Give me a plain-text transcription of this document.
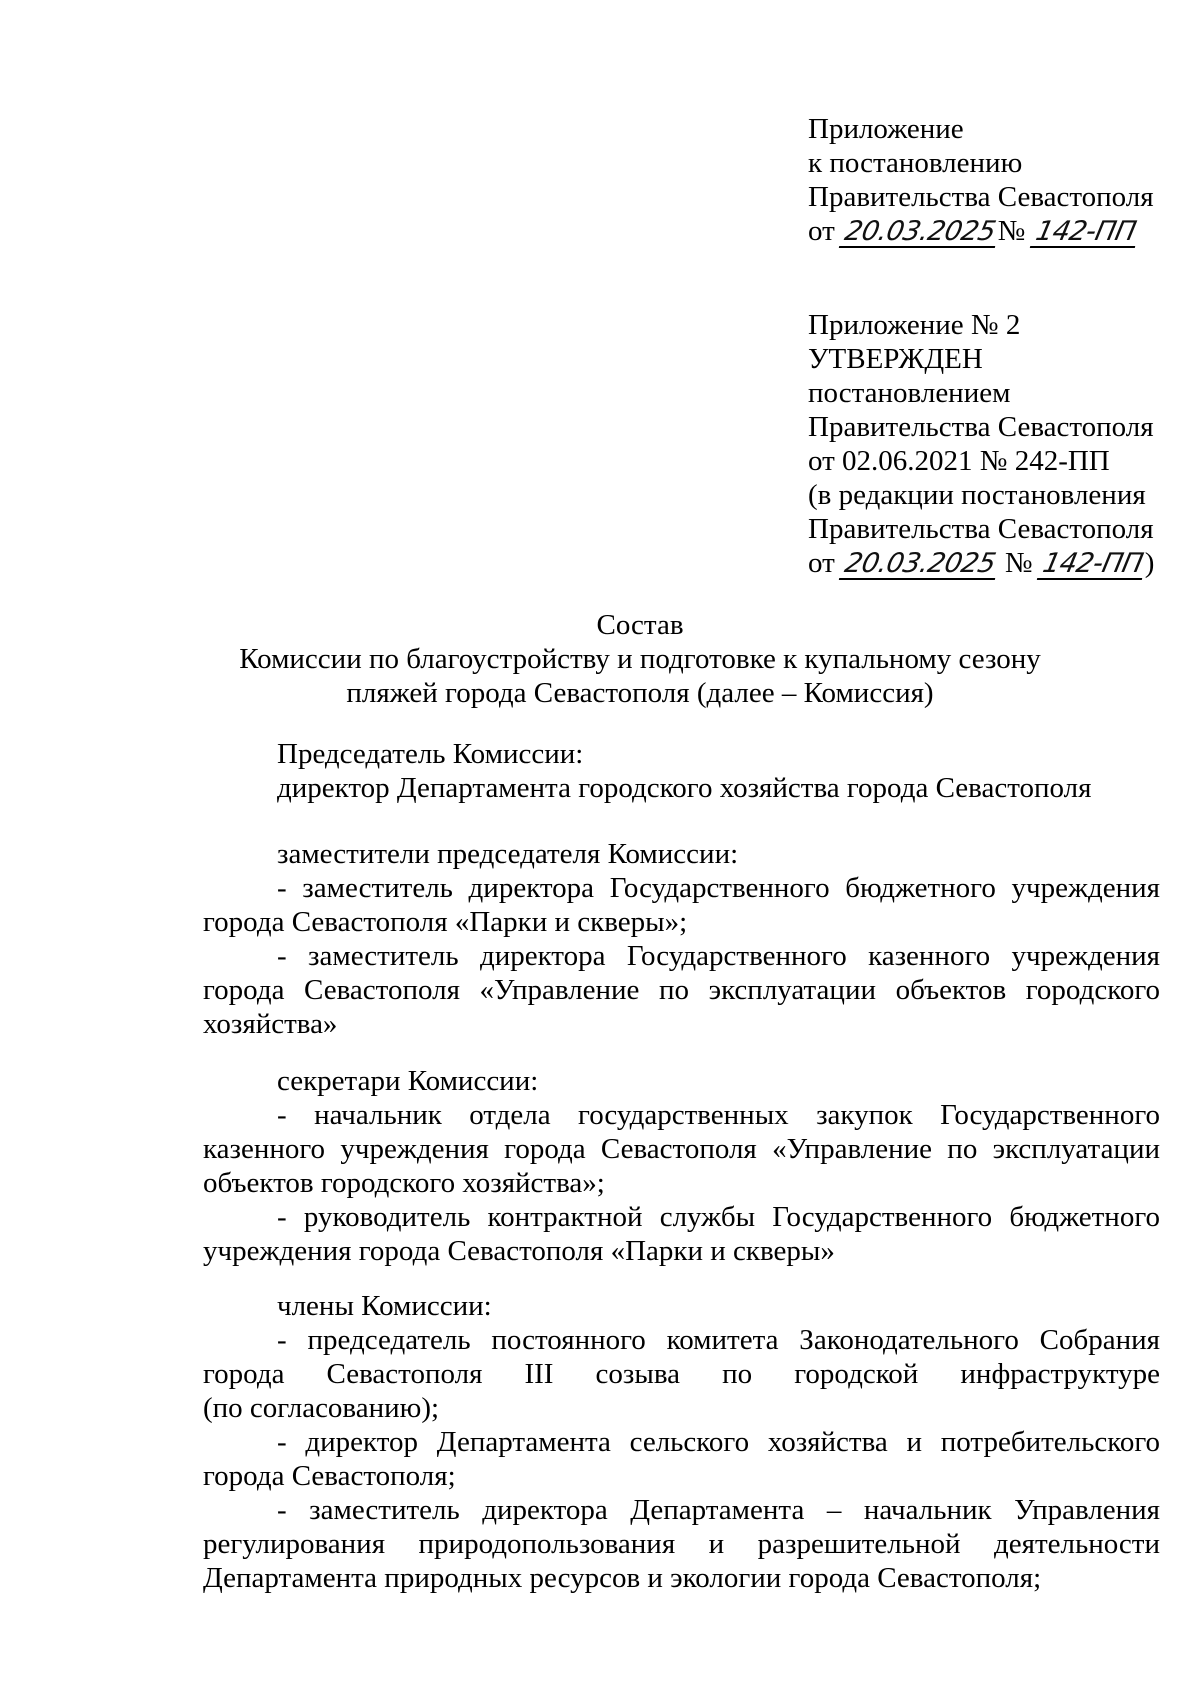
Приложение
к постановлению
Правительства Севастополя
от 20.03.2025№ 142-ПП
Приложение № 2
УТВЕРЖДЕН
постановлением
Правительства Севастополя
от 02.06.2021 № 242-ПП
(в редакции постановления
Правительства Севастополя
от 20.03.2025 № 142-ПП)
Состав
Комиссии по благоустройству и подготовке к купальному сезону
пляжей города Севастополя (далее – Комиссия)
Председатель Комиссии:
директор Департамента городского хозяйства города Севастополя
заместители председателя Комиссии:
- заместитель директора Государственного бюджетного учреждения
города Севастополя «Парки и скверы»;
- заместитель директора Государственного казенного учреждения
города Севастополя «Управление по эксплуатации объектов городского
хозяйства»
секретари Комиссии:
- начальник отдела государственных закупок Государственного
казенного учреждения города Севастополя «Управление по эксплуатации
объектов городского хозяйства»;
- руководитель контрактной службы Государственного бюджетного
учреждения города Севастополя «Парки и скверы»
члены Комиссии:
- председатель постоянного комитета Законодательного Собрания
города Севастополя III созыва по городской инфраструктуре
(по согласованию);
- директор Департамента сельского хозяйства и потребительского
города Севастополя;
- заместитель директора Департамента – начальник Управления
регулирования природопользования и разрешительной деятельности
Департамента природных ресурсов и экологии города Севастополя;
